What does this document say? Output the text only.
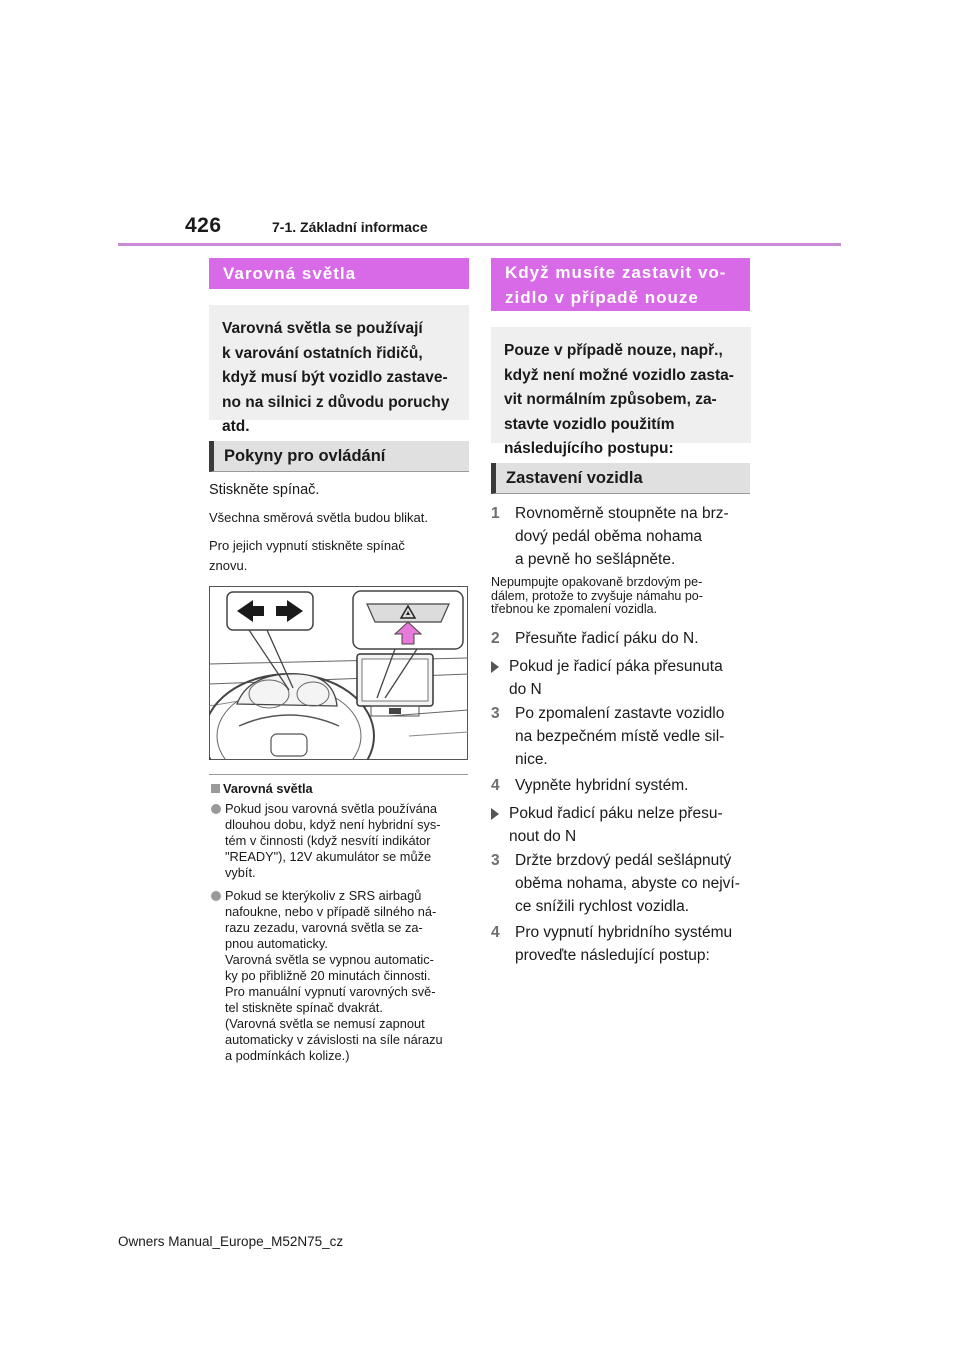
426	7-1. Základní informace
Varovná světla
Varovná světla se používají
k varování ostatních řidičů,
když musí být vozidlo zastave-
no na silnici z důvodu poruchy
atd.
Pokyny pro ovládání
Stiskněte spínač.
Všechna směrová světla budou blikat.
Pro jejich vypnutí stiskněte spínač
znovu.
Varovná světla
Pokud jsou varovná světla používána
dlouhou dobu, když není hybridní sys-
tém v činnosti (když nesvítí indikátor
"READY"), 12V akumulátor se může
vybít.
Pokud se kterýkoliv z SRS airbagů
nafoukne, nebo v případě silného ná-
razu zezadu, varovná světla se za-
pnou automaticky.
Varovná světla se vypnou automatic-
ky po přibližně 20 minutách činnosti.
Pro manuální vypnutí varovných svě-
tel stiskněte spínač dvakrát.
(Varovná světla se nemusí zapnout
automaticky v závislosti na síle nárazu
a podmínkách kolize.)
Když musíte zastavit vo-
zidlo v případě nouze
Pouze v případě nouze, např.,
když není možné vozidlo zasta-
vit normálním způsobem, za-
stavte vozidlo použitím
následujícího postupu:
Zastavení vozidla
1 Rovnoměrně stoupněte na brz-
dový pedál oběma nohama
a pevně ho sešlápněte.
Nepumpujte opakovaně brzdovým pe-
dálem, protože to zvyšuje námahu po-
třebnou ke zpomalení vozidla.
2 Přesuňte řadicí páku do N.
Pokud je řadicí páka přesunuta
do N
3 Po zpomalení zastavte vozidlo
na bezpečném místě vedle sil-
nice.
4 Vypněte hybridní systém.
Pokud řadicí páku nelze přesu-
nout do N
3 Držte brzdový pedál sešlápnutý
oběma nohama, abyste co nejví-
ce snížili rychlost vozidla.
4 Pro vypnutí hybridního systému
proveďte následující postup:
Owners Manual_Europe_M52N75_cz
